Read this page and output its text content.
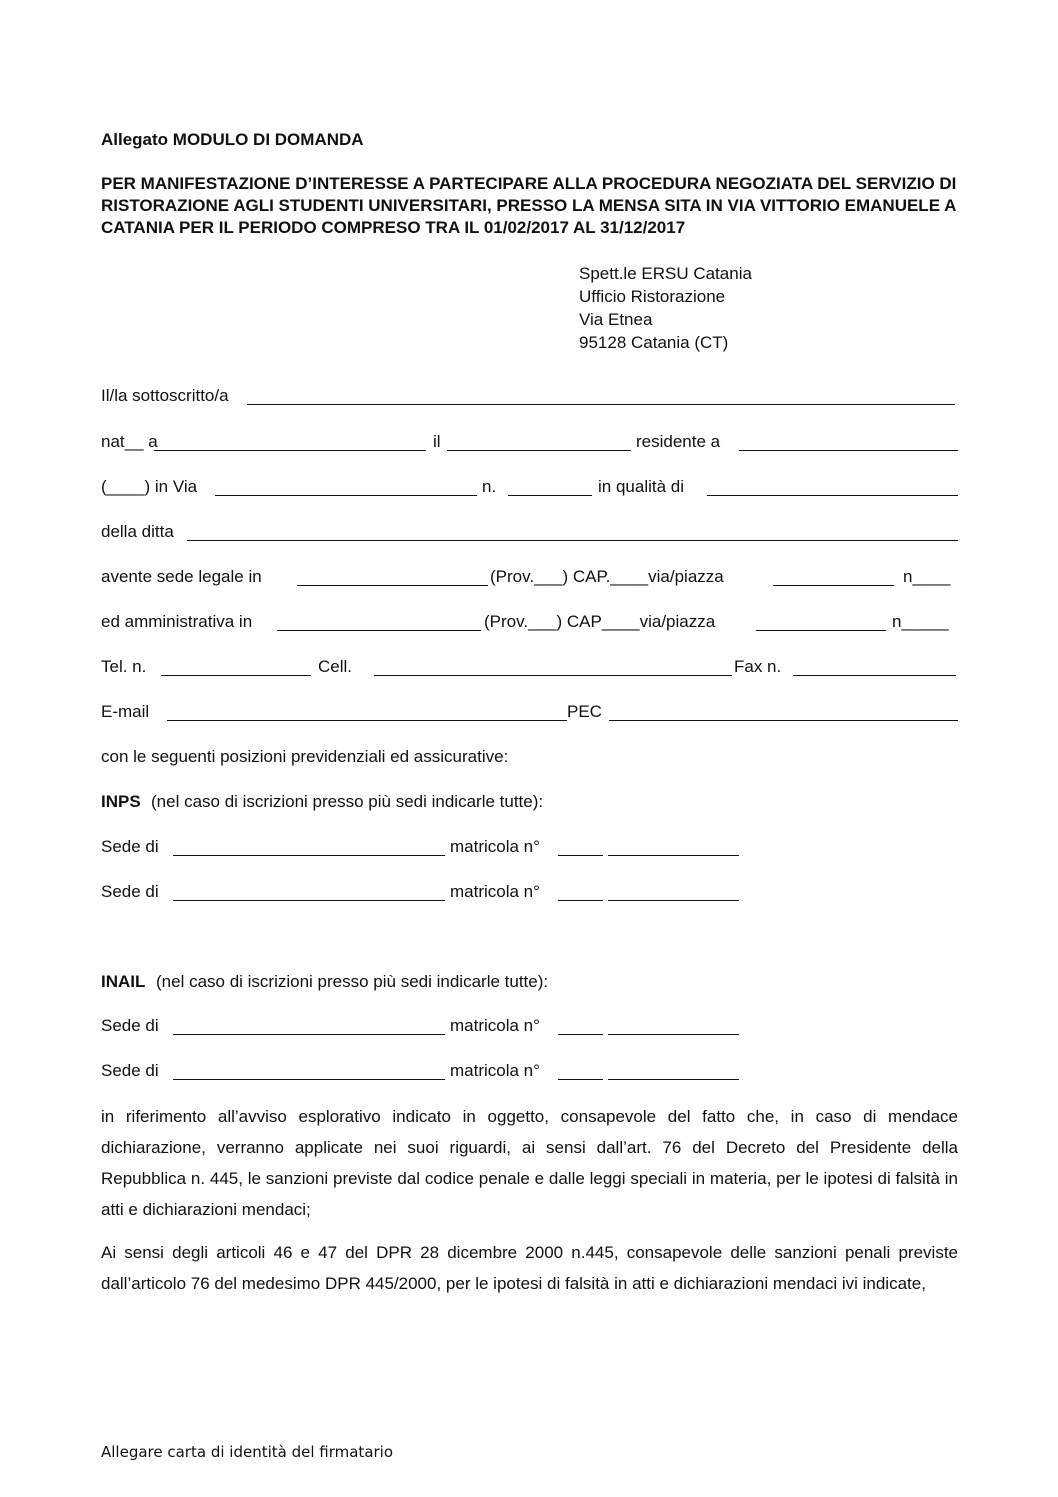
Allegato MODULO DI DOMANDA
PER MANIFESTAZIONE D’INTERESSE A PARTECIPARE ALLA PROCEDURA NEGOZIATA DEL SERVIZIO DI RISTORAZIONE AGLI STUDENTI UNIVERSITARI, PRESSO LA MENSA SITA IN VIA VITTORIO EMANUELE A CATANIA PER IL PERIODO COMPRESO TRA IL 01/02/2017 AL 31/12/2017
Spett.le ERSU Catania
Ufficio Ristorazione
Via Etnea
95128 Catania (CT)
Il/la sottoscritto/a
nat__ a	il	residente a
(____) in Via	n.	in qualità di
della ditta
avente sede legale in	(Prov.___) CAP.____via/piazza	n____
ed amministrativa in	(Prov.___) CAP____via/piazza	n_____
Tel. n.	Cell.	Fax n.
E-mail	PEC
con le seguenti posizioni previdenziali ed assicurative:
INPS (nel caso di iscrizioni presso più sedi indicarle tutte):
Sede di	matricola n°
Sede di	matricola n°
INAIL (nel caso di iscrizioni presso più sedi indicarle tutte):
Sede di	matricola n°
Sede di	matricola n°
in riferimento all’avviso esplorativo indicato in oggetto, consapevole del fatto che, in caso di mendace dichiarazione, verranno applicate nei suoi riguardi, ai sensi dall’art. 76 del Decreto del Presidente della Repubblica n. 445, le sanzioni previste dal codice penale e dalle leggi speciali in materia, per le ipotesi di falsità in atti e dichiarazioni mendaci;
Ai sensi degli articoli 46 e 47 del DPR 28 dicembre 2000 n.445, consapevole delle sanzioni penali previste dall’articolo 76 del medesimo DPR 445/2000, per le ipotesi di falsità in atti e dichiarazioni mendaci ivi indicate,
Allegare carta di identità del firmatario
